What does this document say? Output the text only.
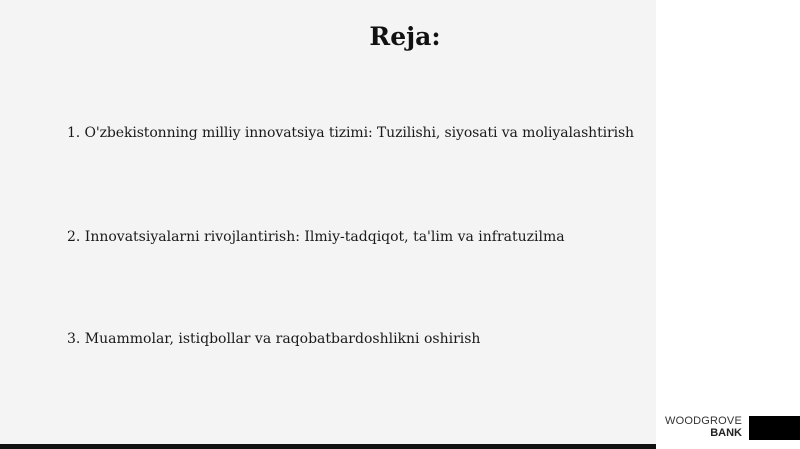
Reja:

1. O'zbekistonning milliy innovatsiya tizimi: Tuzilishi, siyosati va moliyalashtirish

2. Innovatsiyalarni rivojlantirish: Ilmiy-tadqiqot, ta'lim va infratuzilma

3. Muammolar, istiqbollar va raqobatbardoshlikni oshirish

WOODGROVE
BANK
